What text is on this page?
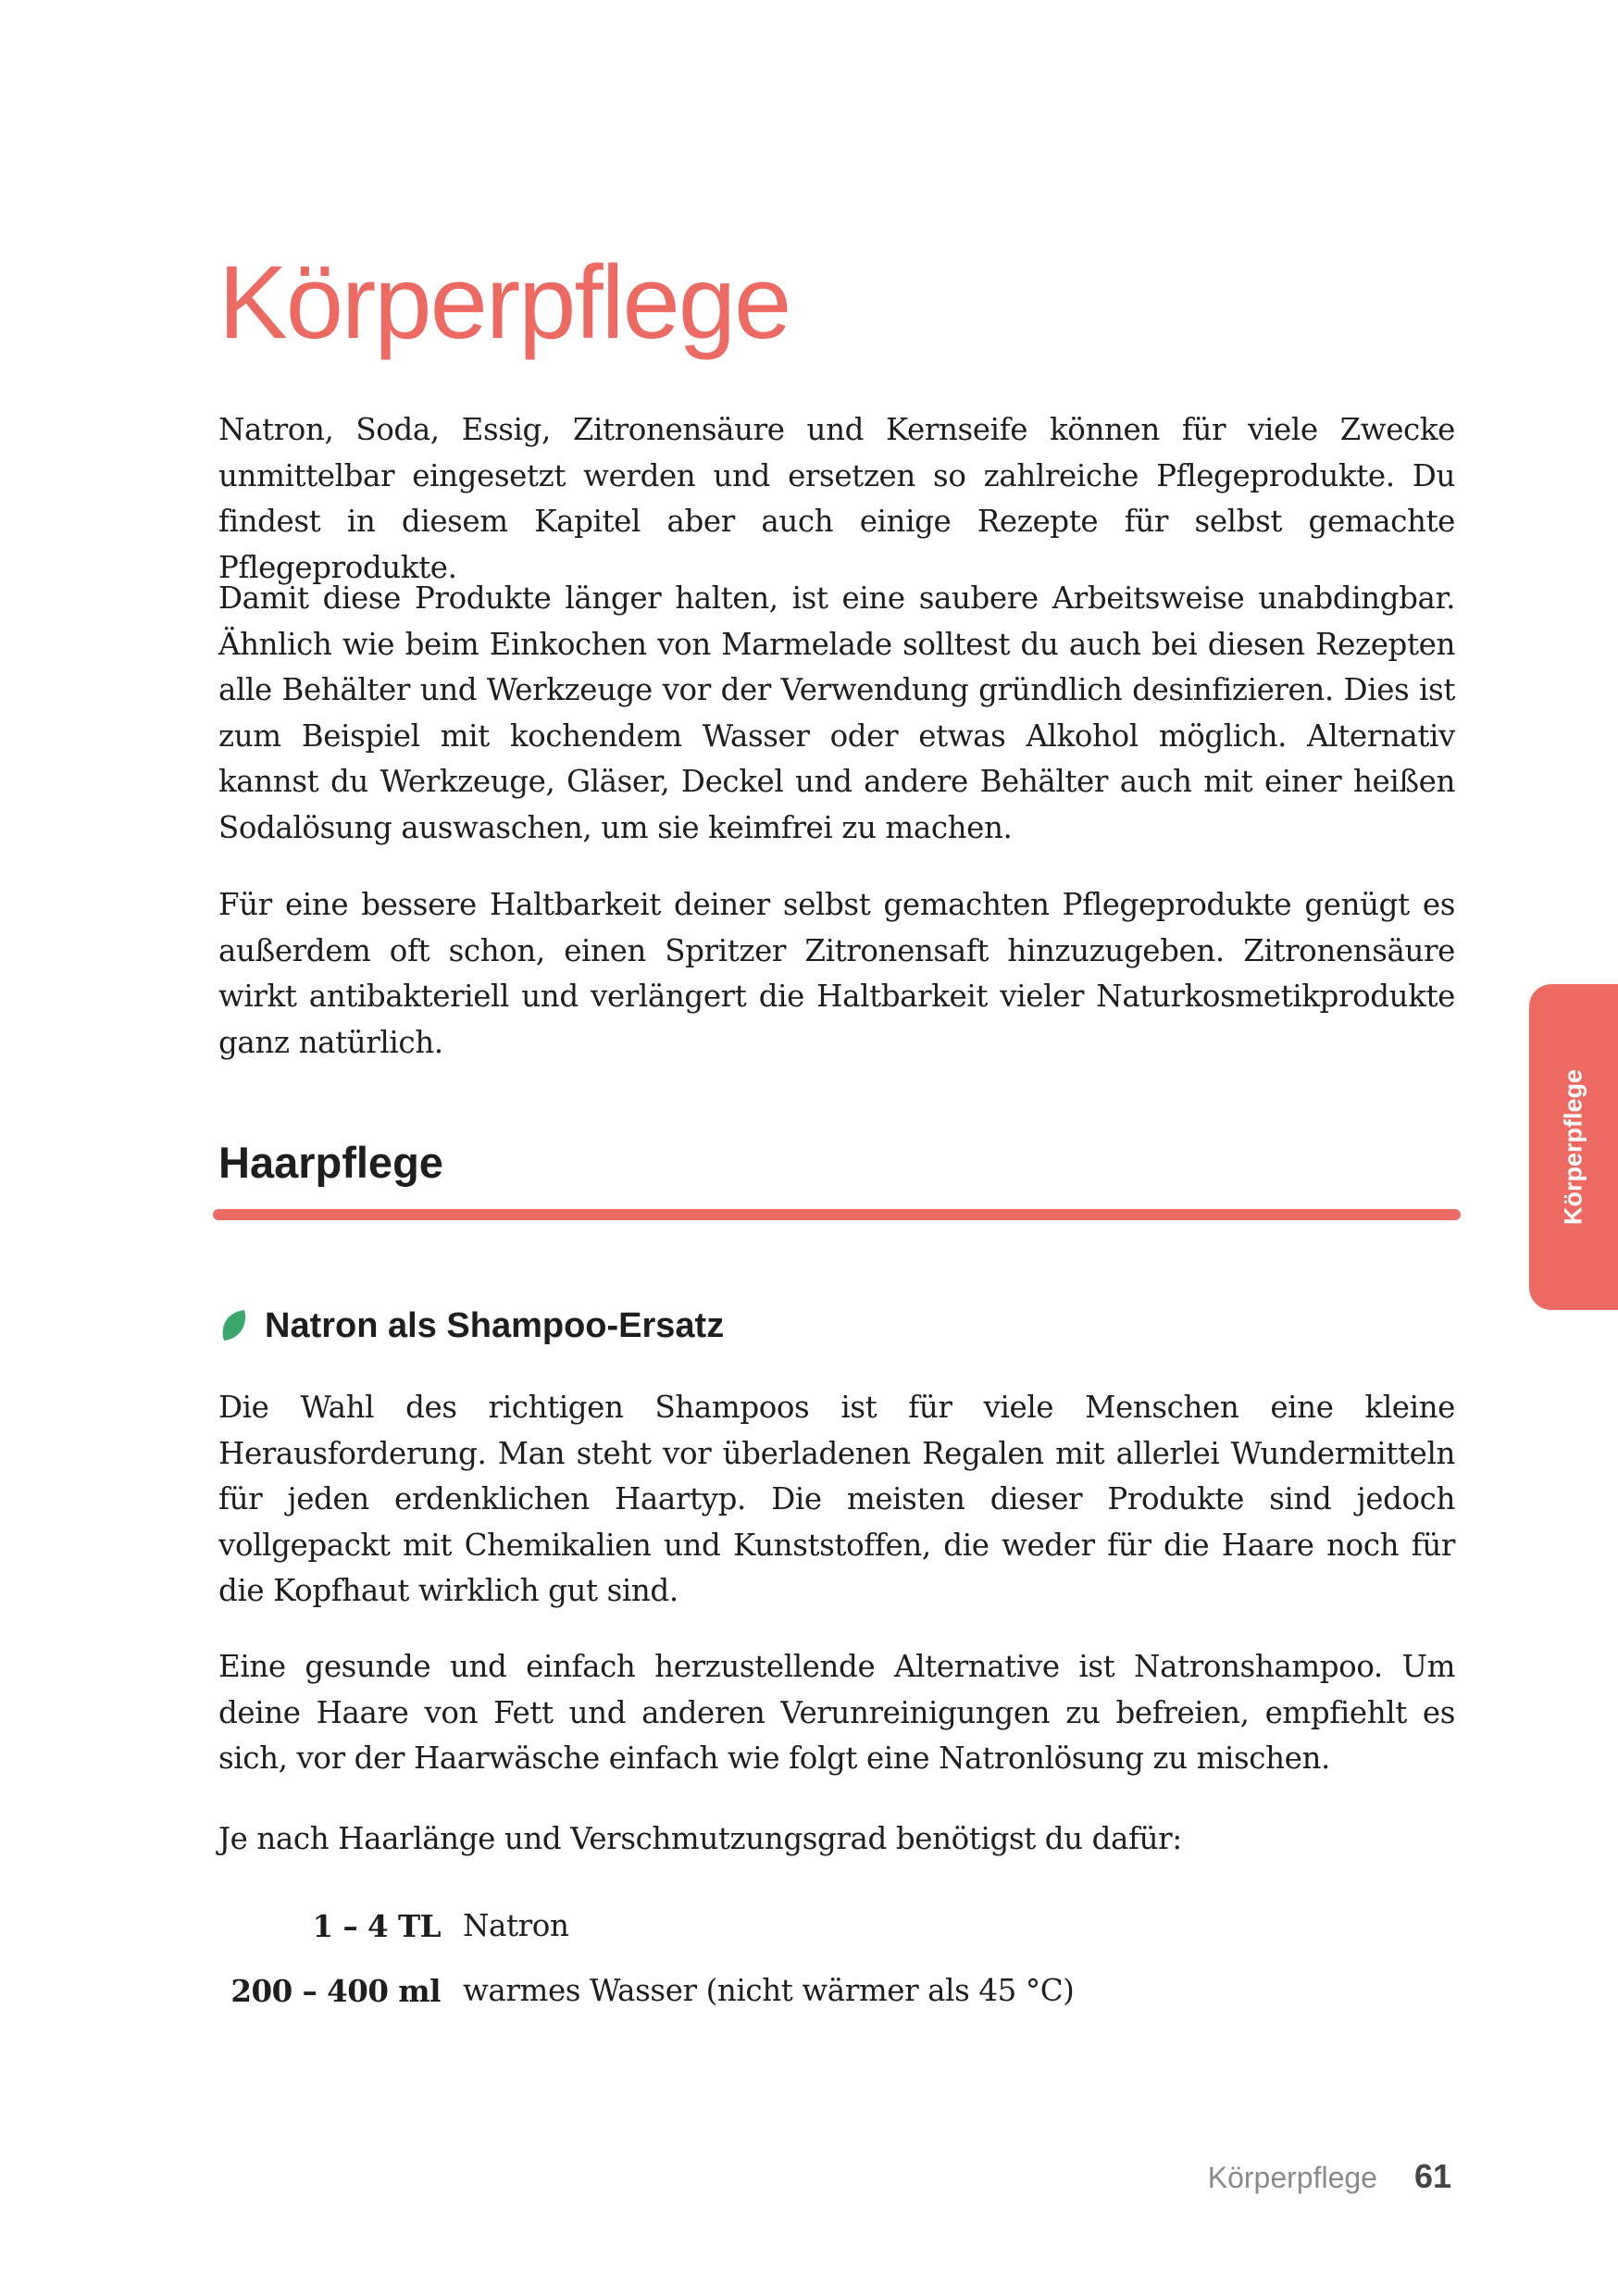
Körperpflege

Natron, Soda, Essig, Zitronensäure und Kernseife können für viele Zwecke unmittelbar eingesetzt werden und ersetzen so zahlreiche Pflegeprodukte. Du findest in diesem Kapitel aber auch einige Rezepte für selbst gemachte Pflegeprodukte.

Damit diese Produkte länger halten, ist eine saubere Arbeitsweise unabdingbar. Ähnlich wie beim Einkochen von Marmelade solltest du auch bei diesen Rezepten alle Behälter und Werkzeuge vor der Verwendung gründlich desinfizieren. Dies ist zum Beispiel mit kochendem Wasser oder etwas Alkohol möglich. Alternativ kannst du Werkzeuge, Gläser, Deckel und andere Behälter auch mit einer heißen Sodalösung auswaschen, um sie keimfrei zu machen.

Für eine bessere Haltbarkeit deiner selbst gemachten Pflegeprodukte genügt es außerdem oft schon, einen Spritzer Zitronensaft hinzuzugeben. Zitronensäure wirkt antibakteriell und verlängert die Haltbarkeit vieler Naturkosmetikprodukte ganz natürlich.

Haarpflege
Natron als Shampoo-Ersatz

Die Wahl des richtigen Shampoos ist für viele Menschen eine kleine Herausforderung. Man steht vor überladenen Regalen mit allerlei Wundermitteln für jeden erdenklichen Haartyp. Die meisten dieser Produkte sind jedoch vollgepackt mit Chemikalien und Kunststoffen, die weder für die Haare noch für die Kopfhaut wirklich gut sind.

Eine gesunde und einfach herzustellende Alternative ist Natronshampoo. Um deine Haare von Fett und anderen Verunreinigungen zu befreien, empfiehlt es sich, vor der Haarwäsche einfach wie folgt eine Natronlösung zu mischen.

Je nach Haarlänge und Verschmutzungsgrad benötigst du dafür:

1 – 4 TL	Natron
200 – 400 ml	warmes Wasser (nicht wärmer als 45 °C)
Körperpflege
Körperpflege 61
